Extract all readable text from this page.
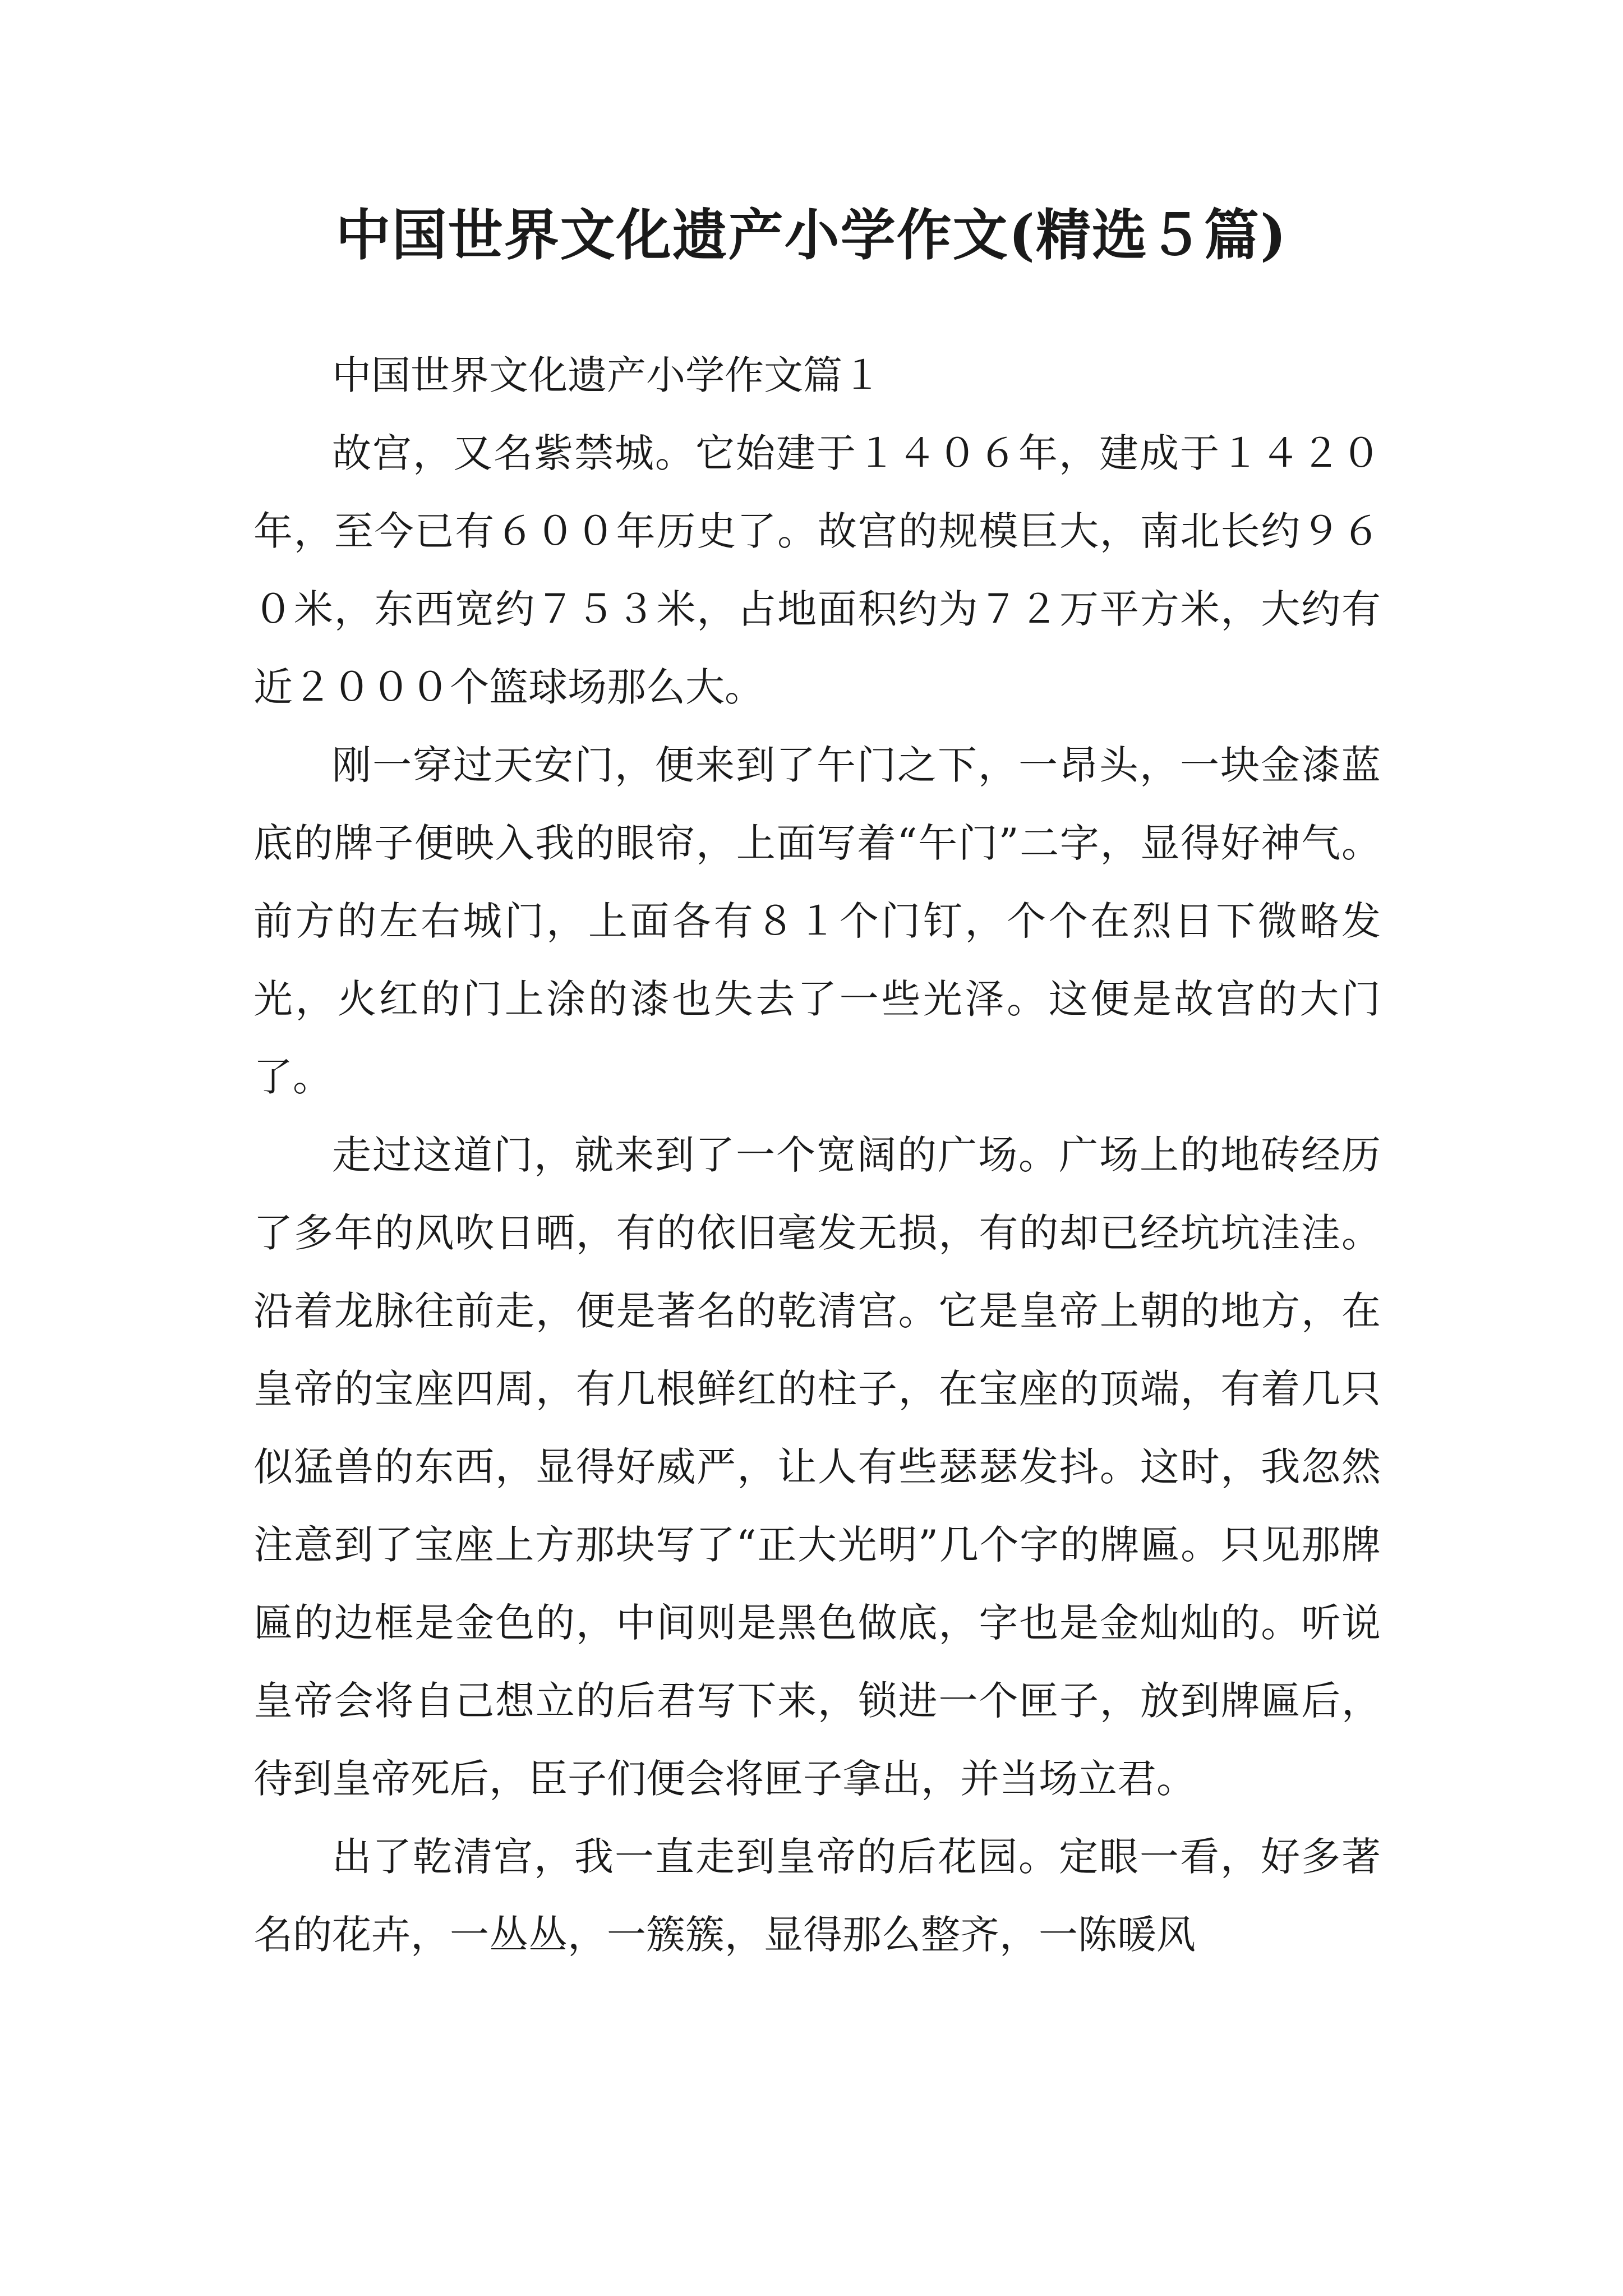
中国世界文化遗产小学作文(精选５篇)

中国世界文化遗产小学作文篇１

故宫，又名紫禁城。它始建于１４０６年，建成于１４２０年，至今已有６００年历史了。故宫的规模巨大，南北长约９６０米，东西宽约７５３米，占地面积约为７２万平方米，大约有近２０００个篮球场那么大。

刚一穿过天安门，便来到了午门之下，一昂头，一块金漆蓝底的牌子便映入我的眼帘，上面写着“午门”二字，显得好神气。前方的左右城门，上面各有８１个门钉，个个在烈日下微略发光，火红的门上涂的漆也失去了一些光泽。这便是故宫的大门了。

走过这道门，就来到了一个宽阔的广场。广场上的地砖经历了多年的风吹日晒，有的依旧毫发无损，有的却已经坑坑洼洼。沿着龙脉往前走，便是著名的乾清宫。它是皇帝上朝的地方，在皇帝的宝座四周，有几根鲜红的柱子，在宝座的顶端，有着几只似猛兽的东西，显得好威严，让人有些瑟瑟发抖。这时，我忽然注意到了宝座上方那块写了“正大光明”几个字的牌匾。只见那牌匾的边框是金色的，中间则是黑色做底，字也是金灿灿的。听说皇帝会将自己想立的后君写下来，锁进一个匣子，放到牌匾后，待到皇帝死后，臣子们便会将匣子拿出，并当场立君。

出了乾清宫，我一直走到皇帝的后花园。定眼一看，好多著名的花卉，一丛丛，一簇簇，显得那么整齐，一陈暖风
